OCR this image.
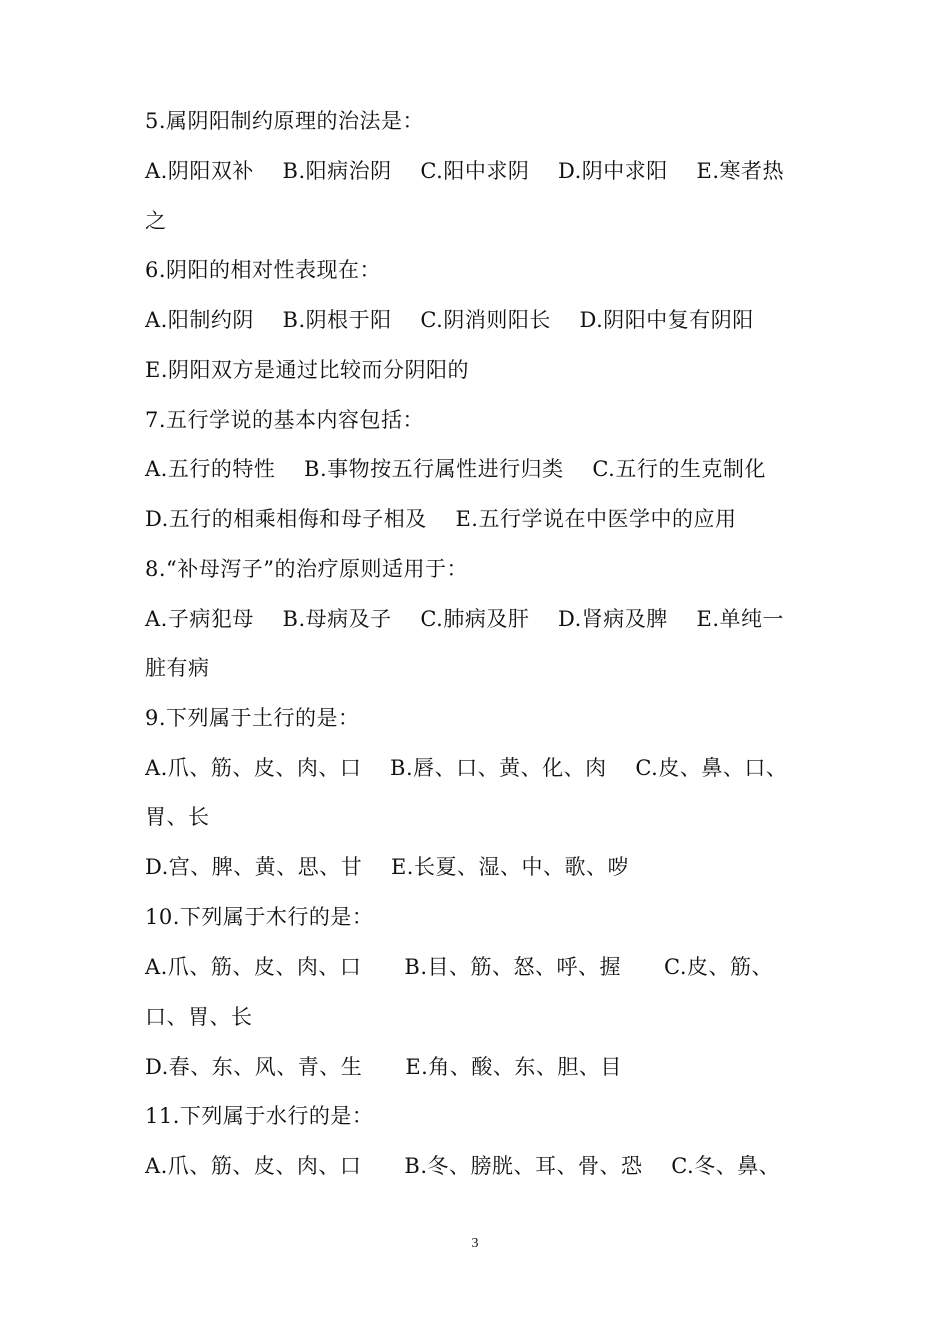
5.属阴阳制约原理的治法是：
A.阴阳双补    B.阳病治阴    C.阳中求阴    D.阴中求阳    E.寒者热
之
6.阴阳的相对性表现在：
A.阳制约阴    B.阴根于阳    C.阴消则阳长    D.阴阳中复有阴阳
E.阴阳双方是通过比较而分阴阳的
7.五行学说的基本内容包括：
A.五行的特性    B.事物按五行属性进行归类    C.五行的生克制化
D.五行的相乘相侮和母子相及    E.五行学说在中医学中的应用
8.“补母泻子”的治疗原则适用于：
A.子病犯母    B.母病及子    C.肺病及肝    D.肾病及脾    E.单纯一
脏有病
9.下列属于土行的是：
A.爪、筋、皮、肉、口    B.唇、口、黄、化、肉    C.皮、鼻、口、
胃、长
D.宫、脾、黄、思、甘    E.长夏、湿、中、歌、哕
10.下列属于木行的是：
A.爪、筋、皮、肉、口      B.目、筋、怒、呼、握      C.皮、筋、
口、胃、长
D.春、东、风、青、生      E.角、酸、东、胆、目
11.下列属于水行的是：
A.爪、筋、皮、肉、口      B.冬、膀胱、耳、骨、恐    C.冬、鼻、
3
